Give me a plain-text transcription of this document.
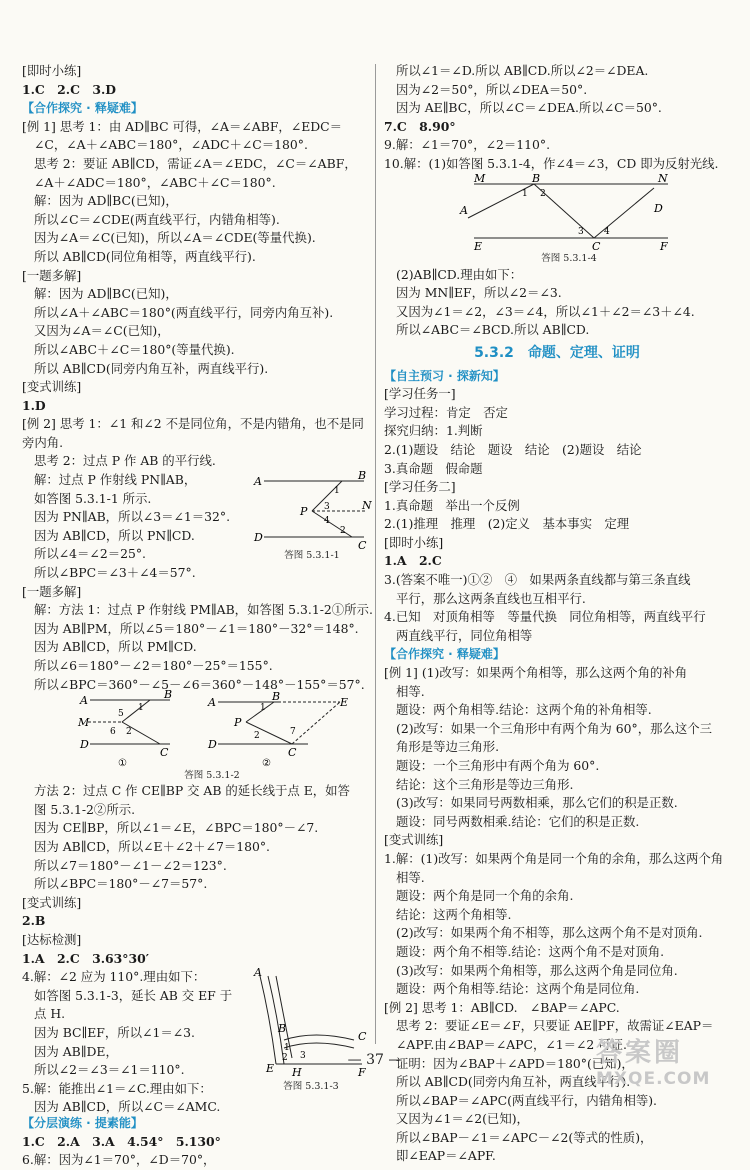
[即时小练]
1.C　2.C　3.D
【合作探究 · 释疑难】
[例 1] 思考 1：由 AD∥BC 可得，∠A＝∠ABF，∠EDC＝
∠C，∠A＋∠ABC＝180°，∠ADC＋∠C＝180°.
思考 2：要证 AB∥CD，需证∠A＝∠EDC，∠C＝∠ABF，
∠A＋∠ADC＝180°，∠ABC＋∠C＝180°.
解：因为 AD∥BC(已知)，
所以∠C＝∠CDE(两直线平行，内错角相等).
因为∠A＝∠C(已知)，所以∠A＝∠CDE(等量代换).
所以 AB∥CD(同位角相等，两直线平行).
[一题多解]
解：因为 AD∥BC(已知)，
所以∠A＋∠ABC＝180°(两直线平行，同旁内角互补).
又因为∠A＝∠C(已知)，
所以∠ABC＋∠C＝180°(等量代换).
所以 AB∥CD(同旁内角互补，两直线平行).
[变式训练]
1.D
[例 2] 思考 1：∠1 和∠2 不是同位角，不是内错角，也不是同
旁内角.
思考 2：过点 P 作 AB 的平行线.
解：过点 P 作射线 PN∥AB，
如答图 5.3.1-1 所示.
因为 PN∥AB，所以∠3＝∠1＝32°.
因为 AB∥CD，所以 PN∥CD.
所以∠4＝∠2＝25°.
A	B
D
C
P	N
1
3
4
2
答图 5.3.1-1
所以∠BPC＝∠3＋∠4＝57°.
[一题多解]
解：方法 1：过点 P 作射线 PM∥AB，如答图 5.3.1-2①所示.
因为 AB∥PM，所以∠5＝180°－∠1＝180°－32°＝148°.
因为 AB∥CD，所以 PM∥CD.
所以∠6＝180°－∠2＝180°－25°＝155°.
所以∠BPC＝360°－∠5－∠6＝360°－148°－155°＝57°.
A	B
M
D
C
5
6 2
1
①
A	B	E
P
D
C
7
1
2
②
答图 5.3.1-2
方法 2：过点 C 作 CE∥BP 交 AB 的延长线于点 E，如答
图 5.3.1-2②所示.
因为 CE∥BP，所以∠1＝∠E，∠BPC＝180°－∠7.
因为 AB∥CD，所以∠E＋∠2＋∠7＝180°.
所以∠7＝180°－∠1－∠2＝123°.
所以∠BPC＝180°－∠7＝57°.
[变式训练]
2.B
[达标检测]
1.A　2.C　3.63°30′
4.解：∠2 应为 110°.理由如下：
如答图 5.3.1-3，延长 AB 交 EF 于
点 H.
因为 BC∥EF，所以∠1＝∠3.
因为 AB∥DE，
所以∠2＝∠3＝∠1＝110°.
5.解：能推出∠1＝∠C.理由如下：
因为 AB∥CD，所以∠C＝∠AMC.
A
B
C
E H	F
1
2 3
答图 5.3.1-3
【分层演练 · 提素能】
1.C　2.A　3.A　4.54°　5.130°
6.解：因为∠1＝70°，∠D＝70°，
所以∠1＝∠D.所以 AB∥CD.所以∠2＝∠DEA.
因为∠2＝50°，所以∠DEA＝50°.
因为 AE∥BC，所以∠C＝∠DEA.所以∠C＝50°.
7.C　8.90°
9.解：∠1＝70°，∠2＝110°.
10.解：(1)如答图 5.3.1-4，作∠4＝∠3，CD 即为反射光线.
M	B	N
A	D
E	C	F
1 2
3 4
答图 5.3.1-4
(2)AB∥CD.理由如下：
因为 MN∥EF，所以∠2＝∠3.
又因为∠1＝∠2，∠3＝∠4，所以∠1＋∠2＝∠3＋∠4.
所以∠ABC＝∠BCD.所以 AB∥CD.
5.3.2　命题、定理、证明
【自主预习 · 探新知】
[学习任务一]
学习过程：肯定　否定
探究归纳：1.判断
2.(1)题设　结论　题设　结论　(2)题设　结论
3.真命题　假命题
[学习任务二]
1.真命题　举出一个反例
2.(1)推理　推理　(2)定义　基本事实　定理
[即时小练]
1.A　2.C
3.(答案不唯一)①②　④　如果两条直线都与第三条直线
平行，那么这两条直线也互相平行.
4.已知　对顶角相等　等量代换　同位角相等，两直线平行
两直线平行，同位角相等
【合作探究 · 释疑难】
[例 1] (1)改写：如果两个角相等，那么这两个角的补角
相等.
题设：两个角相等.结论：这两个角的补角相等.
(2)改写：如果一个三角形中有两个角为 60°，那么这个三
角形是等边三角形.
题设：一个三角形中有两个角为 60°.
结论：这个三角形是等边三角形.
(3)改写：如果同号两数相乘，那么它们的积是正数.
题设：同号两数相乘.结论：它们的积是正数.
[变式训练]
1.解：(1)改写：如果两个角是同一个角的余角，那么这两个角
相等.
题设：两个角是同一个角的余角.
结论：这两个角相等.
(2)改写：如果两个角不相等，那么这两个角不是对顶角.
题设：两个角不相等.结论：这两个角不是对顶角.
(3)改写：如果两个角相等，那么这两个角是同位角.
题设：两个角相等.结论：这两个角是同位角.
[例 2] 思考 1：AB∥CD.　∠BAP＝∠APC.
思考 2：要证∠E＝∠F，只要证 AE∥PF，故需证∠EAP＝
∠APF.由∠BAP＝∠APC，∠1＝∠2 可证.
证明：因为∠BAP＋∠APD＝180°(已知)，
所以 AB∥CD(同旁内角互补，两直线平行).
所以∠BAP＝∠APC(两直线平行，内错角相等).
又因为∠1＝∠2(已知)，
所以∠BAP－∠1＝∠APC－∠2(等式的性质)，
即∠EAP＝∠APF.
— 37 —	答案圈
MXQE.COM
